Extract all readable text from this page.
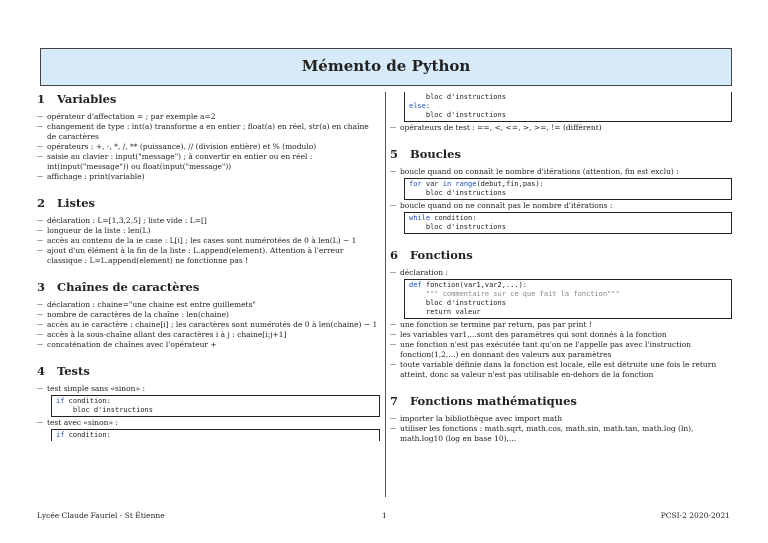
Mémento de Python
1 Variables
— opérateur d'affectation = ; par exemple a=2
— changement de type : int(a) transforme a en entier ; float(a) en réel, str(a) en chaîne de caractères
— opérateurs : +, -, *, /, ** (puissance), // (division entière) et % (modulo)
— saisie au clavier : input("message") ; à convertir en entier ou en réel : int(input("message")) ou float(input("message"))
— affichage : print(variable)
2 Listes
— déclaration : L=[1,3,2,5] ; liste vide : L=[]
— longueur de la liste : len(L)
— accès au contenu de la ie case : L[i] ; les cases sont numérotées de 0 à len(L) − 1
— ajout d'un élément à la fin de la liste : L.append(element). Attention à l'erreur classique : L=L.append(element) ne fonctionne pas !
3 Chaînes de caractères
— déclaration : chaine="une chaine est entre guillemets"
— nombre de caractères de la chaîne : len(chaine)
— accès au ie caractère : chaine[i] ; les caractères sont numérotés de 0 à len(chaine) − 1
— accès à la sous-chaîne allant des caractères i à j : chaine[i:j+1]
— concaténation de chaînes avec l'opérateur +
4 Tests
— test simple sans «sinon» :
if condition:
bloc d'instructions
— test avec «sinon» :
if condition:
bloc d'instructions
else:
bloc d'instructions
— opérateurs de test : ==, <, <=, >, >=, != (différent)
5 Boucles
— boucle quand on connaît le nombre d'itérations (attention, fin est exclu) :
for var in range(debut,fin,pas):
bloc d'instructions
— boucle quand on ne connaît pas le nombre d'itérations :
while condition:
bloc d'instructions
6 Fonctions
— déclaration :
def fonction(var1,var2,...):
""" commentaire sur ce que fait la fonction"""
bloc d'instructions
return valeur
— une fonction se termine par return, pas par print !
— les variables var1,...sont des paramètres qui sont donnés à la fonction
— une fonction n'est pas exécutée tant qu'on ne l'appelle pas avec l'instruction fonction(1,2,...) en donnant des valeurs aux paramètres
— toute variable définie dans la fonction est locale, elle est détruite une fois le return atteint, donc sa valeur n'est pas utilisable en-dehors de la fonction
7 Fonctions mathématiques
— importer la bibliothèque avec import math
— utiliser les fonctions : math.sqrt, math.cos, math.sin, math.tan, math.log (ln), math.log10 (log en base 10),...
Lycée Claude Fauriel - St Étienne	1	PCSI-2 2020-2021
